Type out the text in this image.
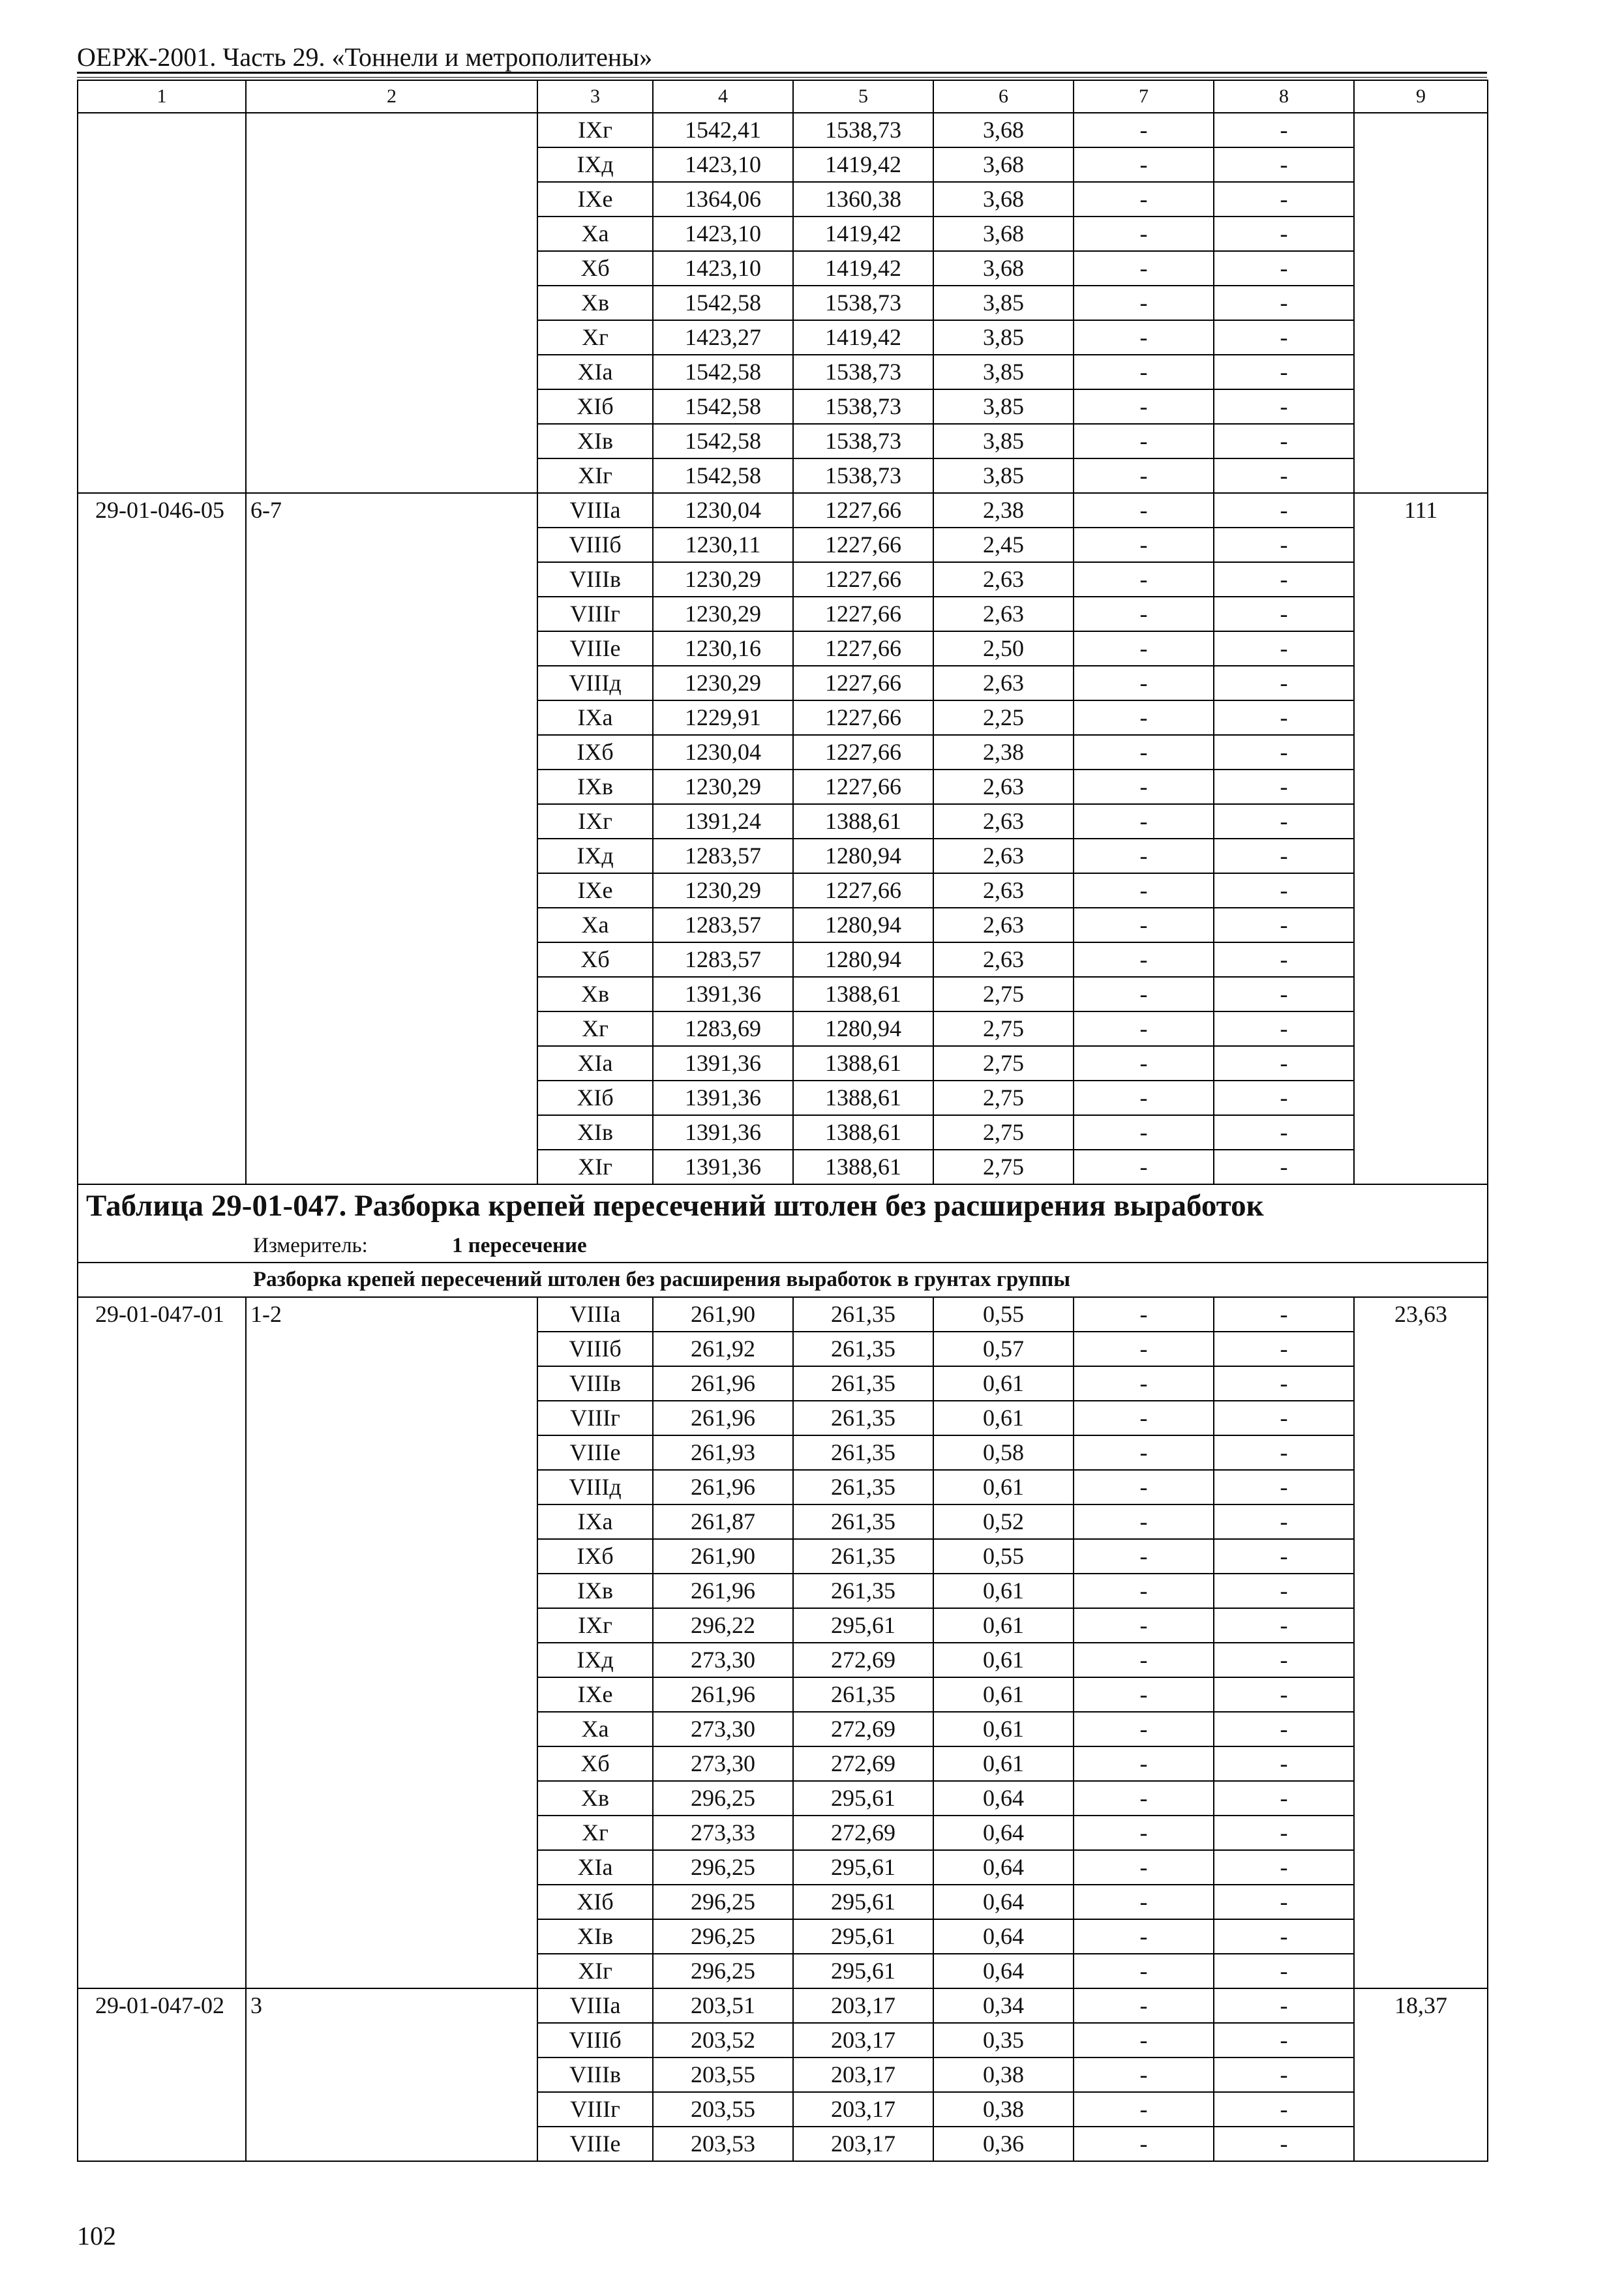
ОЕРЖ-2001. Часть 29. «Тоннели и метрополитены»
1	2	3	4	5	6	7	8	9
		IXг	1542,41	1538,73	3,68	-	-	
		IXд	1423,10	1419,42	3,68	-	-	
		IXе	1364,06	1360,38	3,68	-	-	
		Xа	1423,10	1419,42	3,68	-	-	
		Xб	1423,10	1419,42	3,68	-	-	
		Xв	1542,58	1538,73	3,85	-	-	
		Xг	1423,27	1419,42	3,85	-	-	
		XIа	1542,58	1538,73	3,85	-	-	
		XIб	1542,58	1538,73	3,85	-	-	
		XIв	1542,58	1538,73	3,85	-	-	
		XIг	1542,58	1538,73	3,85	-	-	
29-01-046-05	6-7	VIIIа	1230,04	1227,66	2,38	-	-	111
		VIIIб	1230,11	1227,66	2,45	-	-	
		VIIIв	1230,29	1227,66	2,63	-	-	
		VIIIг	1230,29	1227,66	2,63	-	-	
		VIIIе	1230,16	1227,66	2,50	-	-	
		VIIIд	1230,29	1227,66	2,63	-	-	
		IXа	1229,91	1227,66	2,25	-	-	
		IXб	1230,04	1227,66	2,38	-	-	
		IXв	1230,29	1227,66	2,63	-	-	
		IXг	1391,24	1388,61	2,63	-	-	
		IXд	1283,57	1280,94	2,63	-	-	
		IXе	1230,29	1227,66	2,63	-	-	
		Xа	1283,57	1280,94	2,63	-	-	
		Xб	1283,57	1280,94	2,63	-	-	
		Xв	1391,36	1388,61	2,75	-	-	
		Xг	1283,69	1280,94	2,75	-	-	
		XIа	1391,36	1388,61	2,75	-	-	
		XIб	1391,36	1388,61	2,75	-	-	
		XIв	1391,36	1388,61	2,75	-	-	
		XIг	1391,36	1388,61	2,75	-	-	
Таблица 29-01-047. Разборка крепей пересечений штолен без расширения выработок								
Измеритель: 1 пересечение								
Разборка крепей пересечений штолен без расширения выработок в грунтах группы								
29-01-047-01	1-2	VIIIа	261,90	261,35	0,55	-	-	23,63
		VIIIб	261,92	261,35	0,57	-	-	
		VIIIв	261,96	261,35	0,61	-	-	
		VIIIг	261,96	261,35	0,61	-	-	
		VIIIе	261,93	261,35	0,58	-	-	
		VIIIд	261,96	261,35	0,61	-	-	
		IXа	261,87	261,35	0,52	-	-	
		IXб	261,90	261,35	0,55	-	-	
		IXв	261,96	261,35	0,61	-	-	
		IXг	296,22	295,61	0,61	-	-	
		IXд	273,30	272,69	0,61	-	-	
		IXе	261,96	261,35	0,61	-	-	
		Xа	273,30	272,69	0,61	-	-	
		Xб	273,30	272,69	0,61	-	-	
		Xв	296,25	295,61	0,64	-	-	
		Xг	273,33	272,69	0,64	-	-	
		XIа	296,25	295,61	0,64	-	-	
		XIб	296,25	295,61	0,64	-	-	
		XIв	296,25	295,61	0,64	-	-	
		XIг	296,25	295,61	0,64	-	-	
29-01-047-02	3	VIIIа	203,51	203,17	0,34	-	-	18,37
		VIIIб	203,52	203,17	0,35	-	-	
		VIIIв	203,55	203,17	0,38	-	-	
		VIIIг	203,55	203,17	0,38	-	-	
		VIIIе	203,53	203,17	0,36	-	-	
102
